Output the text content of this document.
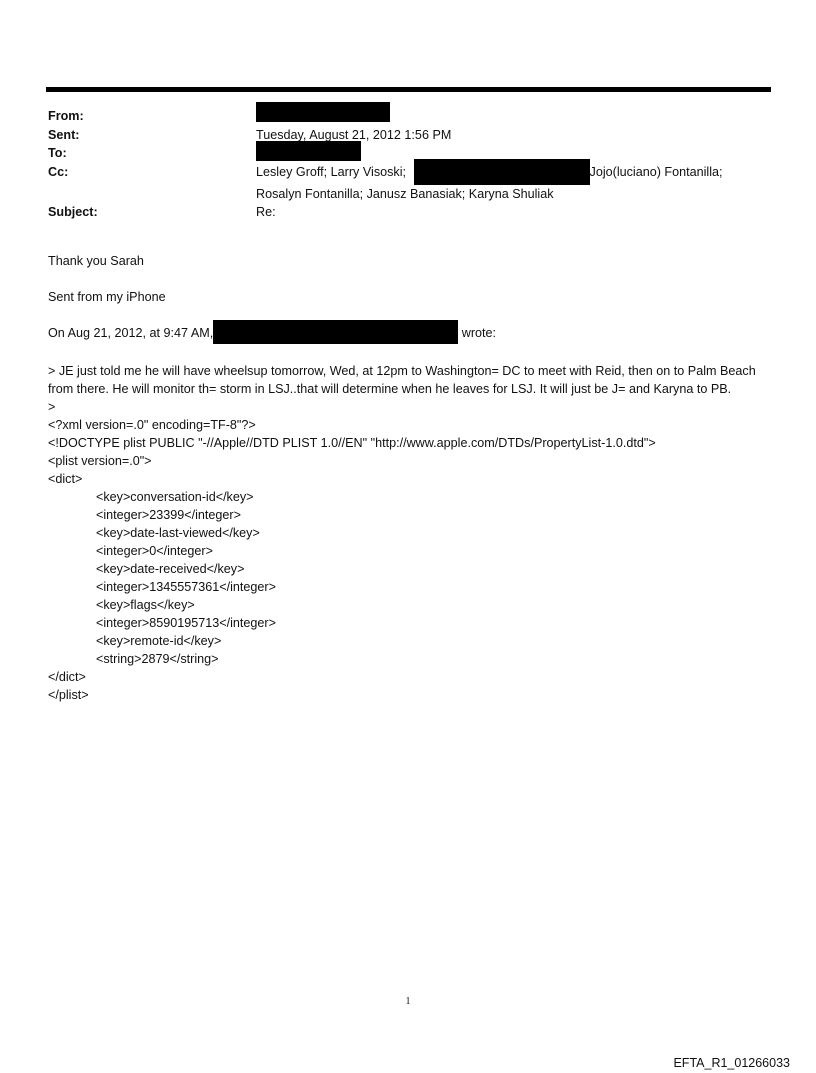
From:
Sent:	Tuesday, August 21, 2012 1:56 PM
To:
Cc:	Lesley Groff; Larry Visoski;	Jojo(luciano) Fontanilla;
Rosalyn Fontanilla; Janusz Banasiak; Karyna Shuliak
Subject:	Re:

Thank you Sarah

Sent from my iPhone

On Aug 21, 2012, at 9:47 AM,	wrote:

> JE just told me he will have wheelsup tomorrow, Wed, at 12pm to Washington= DC to meet with Reid, then on to Palm Beach from there. He will monitor th= storm in LSJ..that will determine when he leaves for LSJ. It will just be J= and Karyna to PB.

>

<?xml version=.0" encoding=TF-8"?>

<!DOCTYPE plist PUBLIC "-//Apple//DTD PLIST 1.0//EN" "http://www.apple.com/DTDs/PropertyList-1.0.dtd">

<plist version=.0">

<dict>

<key>conversation-id</key>

<integer>23399</integer>

<key>date-last-viewed</key>

<integer>0</integer>

<key>date-received</key>

<integer>1345557361</integer>

<key>flags</key>

<integer>8590195713</integer>

<key>remote-id</key>

<string>2879</string>

</dict>

</plist>

1
EFTA_R1_01266033
